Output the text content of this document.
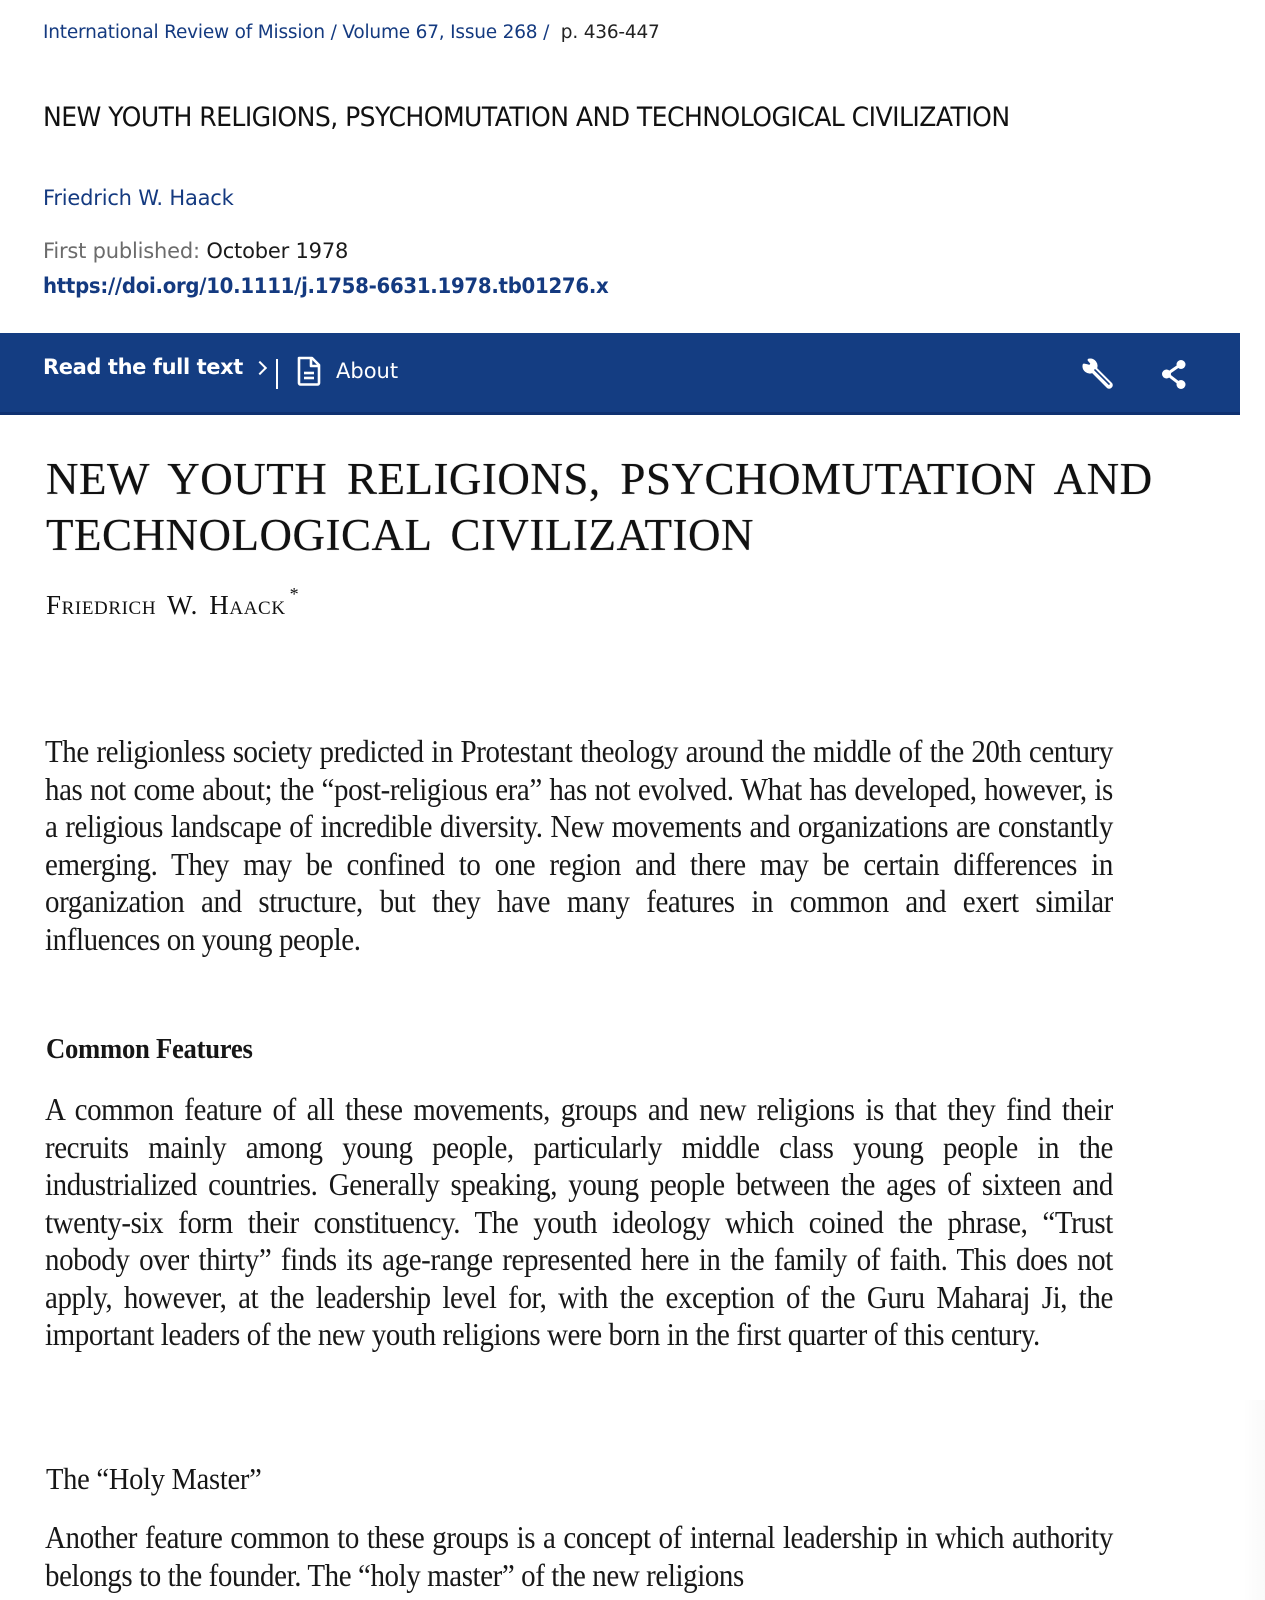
International Review of Mission / Volume 67, Issue 268 / p. 436-447
NEW YOUTH RELIGIONS, PSYCHOMUTATION AND TECHNOLOGICAL CIVILIZATION
Friedrich W. Haack
First published: October 1978
https://doi.org/10.1111/j.1758-6631.1978.tb01276.x
Read the full text	About
NEW YOUTH RELIGIONS, PSYCHOMUTATION AND TECHNOLOGICAL CIVILIZATION
Friedrich W. Haack *

The religionless society predicted in Protestant theology around the middle of the 20th century has not come about; the “post-religious era” has not evolved. What has developed, however, is a religious landscape of incredible diversity. New movements and organizations are constantly emerging. They may be confined to one region and there may be certain differences in organization and structure, but they have many features in common and exert similar influences on young people.

Common Features

A common feature of all these movements, groups and new religions is that they find their recruits mainly among young people, particularly middle class young people in the industrialized countries. Generally speaking, young people between the ages of sixteen and twenty-six form their constituency. The youth ideology which coined the phrase, “Trust nobody over thirty” finds its age-range represented here in the family of faith. This does not apply, however, at the leadership level for, with the exception of the Guru Maharaj Ji, the important leaders of the new youth religions were born in the first quarter of this century.

The “Holy Master”

Another feature common to these groups is a concept of internal leadership in which authority belongs to the founder. The “holy master” of the new religions
